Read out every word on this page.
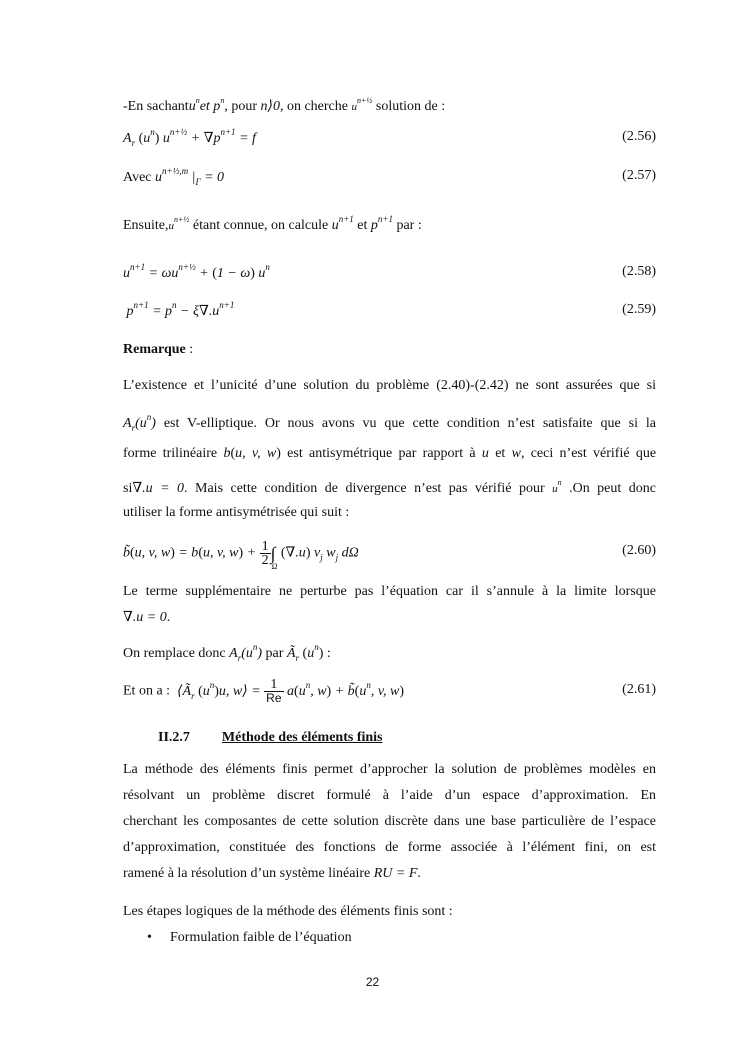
-En sachantu$^n$et $p^n$, pour n⟩0, on cherche $u^{n+\frac{1}{2}}$ solution de :
$A_r$ $(u^n) u^{n+\frac{1}{2}} + \nabla p^{n+1} = f$	(2.56)
Avec $u^{n+\frac{1}{2},m}$ $|_\Gamma = 0$	(2.57)
$Ensuite,u^{n+\frac{1}{2}}$ étant connue, on calcule $u^{n+1}$ et $p^{n+1}$ par :
$u^{n+1} = \omega u^{n+\frac{1}{2}} + (1 - \omega)$ $u^n$	(2.58)
$p^{n+1} = p^n - \xi\nabla.u^{n+1}$	(2.59)
Remarque :
L’existence et l’unicité d’une solution du problème (2.40)-(2.42) ne sont assurées que si
$A_r(u^n)$ est V-elliptique. Or nous avons vu que cette condition n’est satisfaite que si la
forme trilinéaire b(u, v, w) est antisymétrique par rapport à u et w, ceci n’est vérifié que
si∇.u = 0. Mais cette condition de divergence n’est pas vérifié pour $u^n$ .On peut donc
utiliser la forme antisymétrisée qui suit :
b̃(u, v, w) = b(u, v, $w) + \frac{1}{2} \int_\Omega$ (∇.u) $v_j$ $w_j$ dΩ	(2.60)
Le terme supplémentaire ne perturbe pas l’équation car il s’annule à la limite lorsque
∇.u = 0.
On remplace donc $A_r(u^n)$ par $Ã_r$ $(u^n)$ :
Et on a : $⟨Ã_r$ $(u^n)u$, w⟩ = $\frac{1}{Re} a(u^n$, $w) + b̃(u^n$, v, w)	(2.61)
II.2.7 Méthode des éléments finis
La méthode des éléments finis permet d’approcher la solution de problèmes modèles en
résolvant un problème discret formulé à l’aide d’un espace d’approximation. En
cherchant les composantes de cette solution discrète dans une base particulière de l’espace
d’approximation, constituée des fonctions de forme associée à l’élément fini, on est
ramené à la résolution d’un système linéaire RU = F.
Les étapes logiques de la méthode des éléments finis sont :
• Formulation faible de l’équation
22
